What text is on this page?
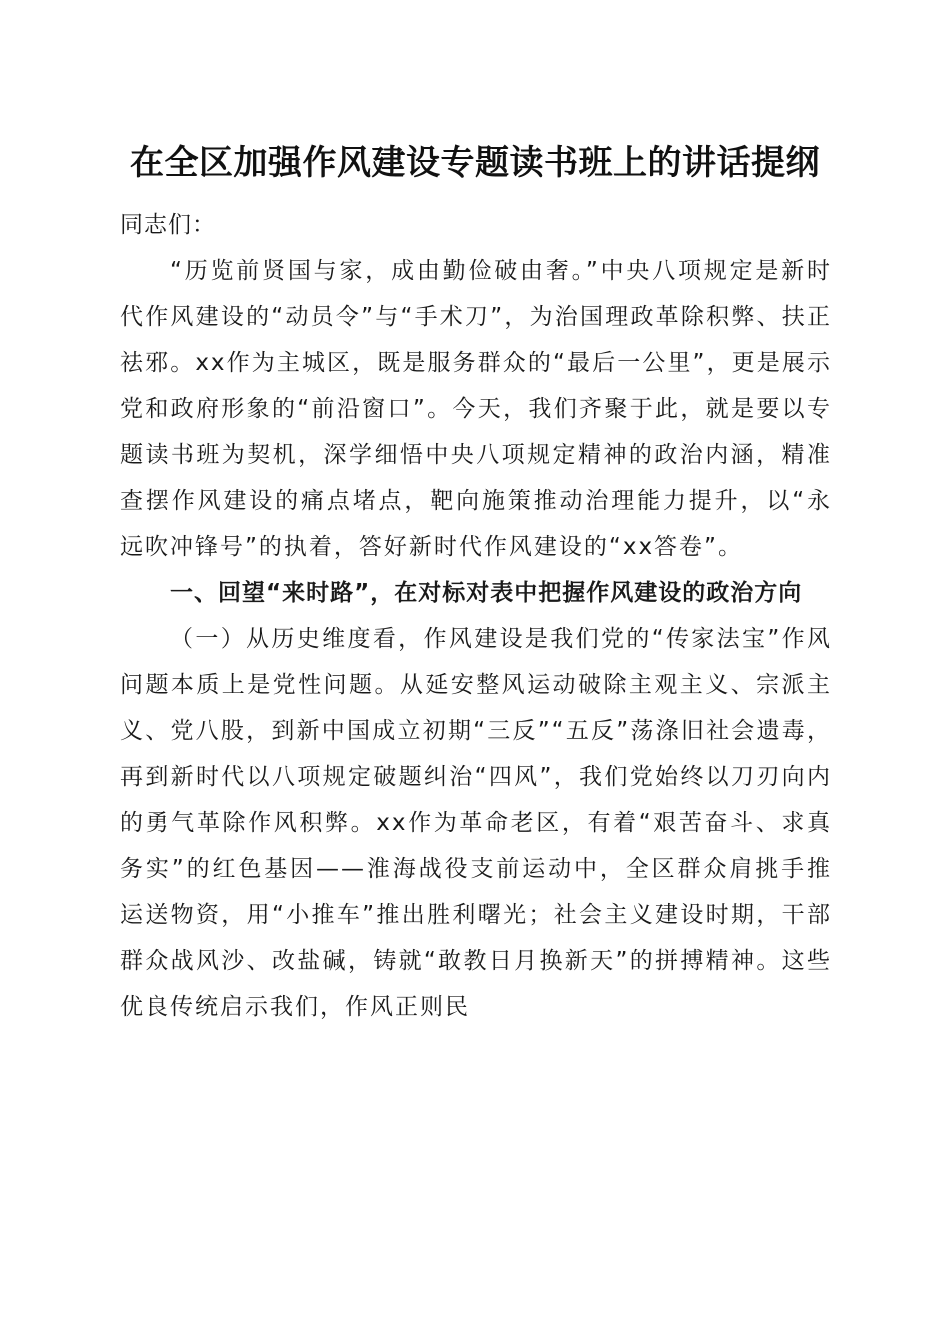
在全区加强作风建设专题读书班上的讲话提纲

同志们：

“历览前贤国与家，成由勤俭破由奢。”中央八项规定是新时代作风建设的“动员令”与“手术刀”，为治国理政革除积弊、扶正祛邪。xx作为主城区，既是服务群众的“最后一公里”，更是展示党和政府形象的“前沿窗口”。今天，我们齐聚于此，就是要以专题读书班为契机，深学细悟中央八项规定精神的政治内涵，精准查摆作风建设的痛点堵点，靶向施策推动治理能力提升，以“永远吹冲锋号”的执着，答好新时代作风建设的“xx答卷”。

一、回望“来时路”，在对标对表中把握作风建设的政治方向

（一）从历史维度看，作风建设是我们党的“传家法宝”作风问题本质上是党性问题。从延安整风运动破除主观主义、宗派主义、党八股，到新中国成立初期“三反”“五反”荡涤旧社会遗毒，再到新时代以八项规定破题纠治“四风”，我们党始终以刀刃向内的勇气革除作风积弊。xx作为革命老区，有着“艰苦奋斗、求真务实”的红色基因——淮海战役支前运动中，全区群众肩挑手推运送物资，用“小推车”推出胜利曙光；社会主义建设时期，干部群众战风沙、改盐碱，铸就“敢教日月换新天”的拼搏精神。这些优良传统启示我们，作风正则民
